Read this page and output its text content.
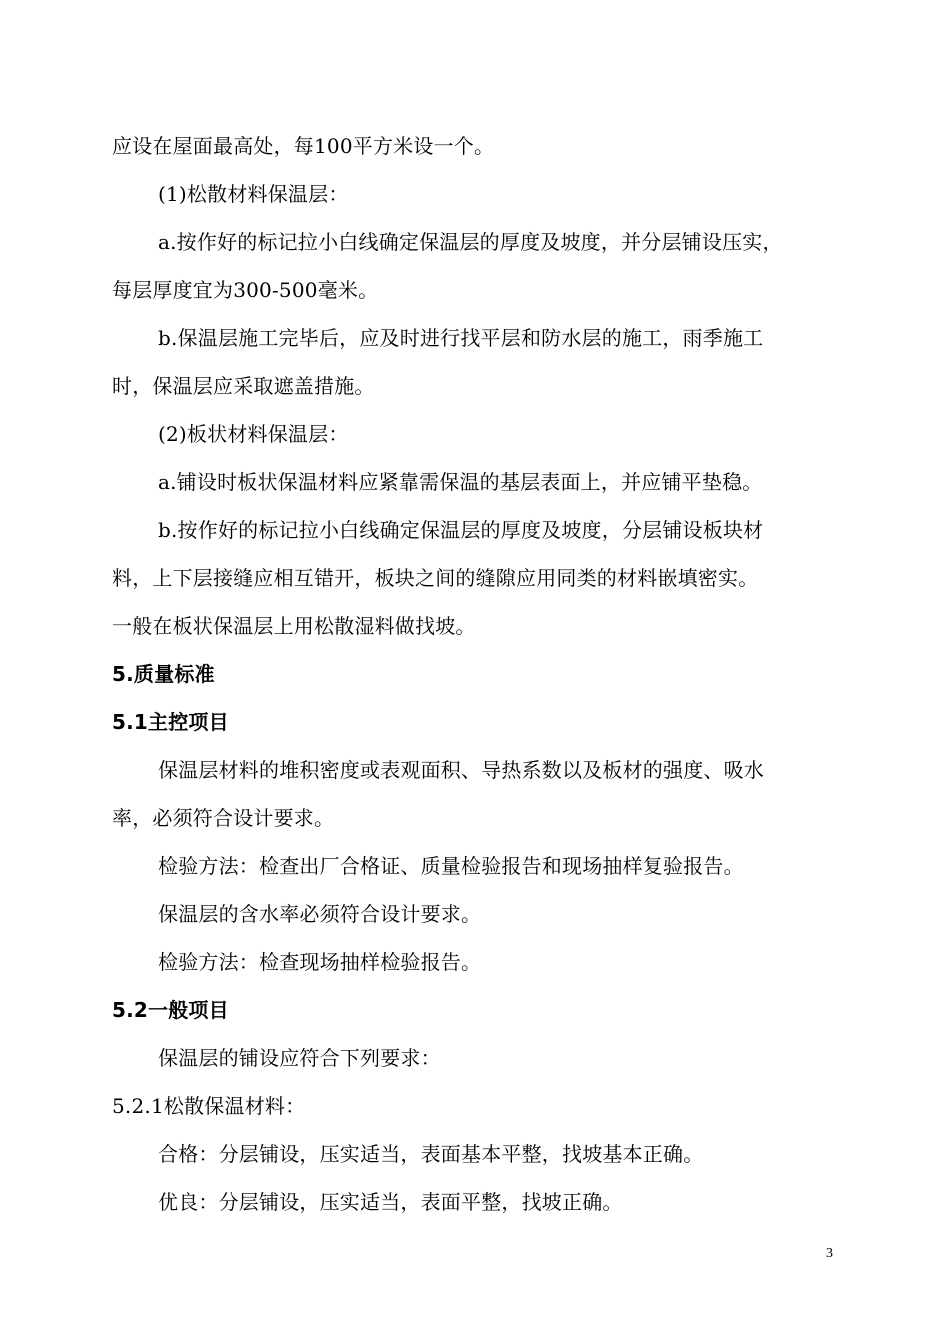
应设在屋面最高处，每100平方米设一个。
(1)松散材料保温层：
a.按作好的标记拉小白线确定保温层的厚度及坡度，并分层铺设压实，
每层厚度宜为300-500毫米。
b.保温层施工完毕后，应及时进行找平层和防水层的施工，雨季施工
时，保温层应采取遮盖措施。
(2)板状材料保温层：
a.铺设时板状保温材料应紧靠需保温的基层表面上，并应铺平垫稳。
b.按作好的标记拉小白线确定保温层的厚度及坡度，分层铺设板块材
料，上下层接缝应相互错开，板块之间的缝隙应用同类的材料嵌填密实。
一般在板状保温层上用松散湿料做找坡。
5.质量标准
5.1主控项目
保温层材料的堆积密度或表观面积、导热系数以及板材的强度、吸水
率，必须符合设计要求。
检验方法：检查出厂合格证、质量检验报告和现场抽样复验报告。
保温层的含水率必须符合设计要求。
检验方法：检查现场抽样检验报告。
5.2一般项目
保温层的铺设应符合下列要求：
5.2.1松散保温材料：
合格：分层铺设，压实适当，表面基本平整，找坡基本正确。
优良：分层铺设，压实适当，表面平整，找坡正确。
3
